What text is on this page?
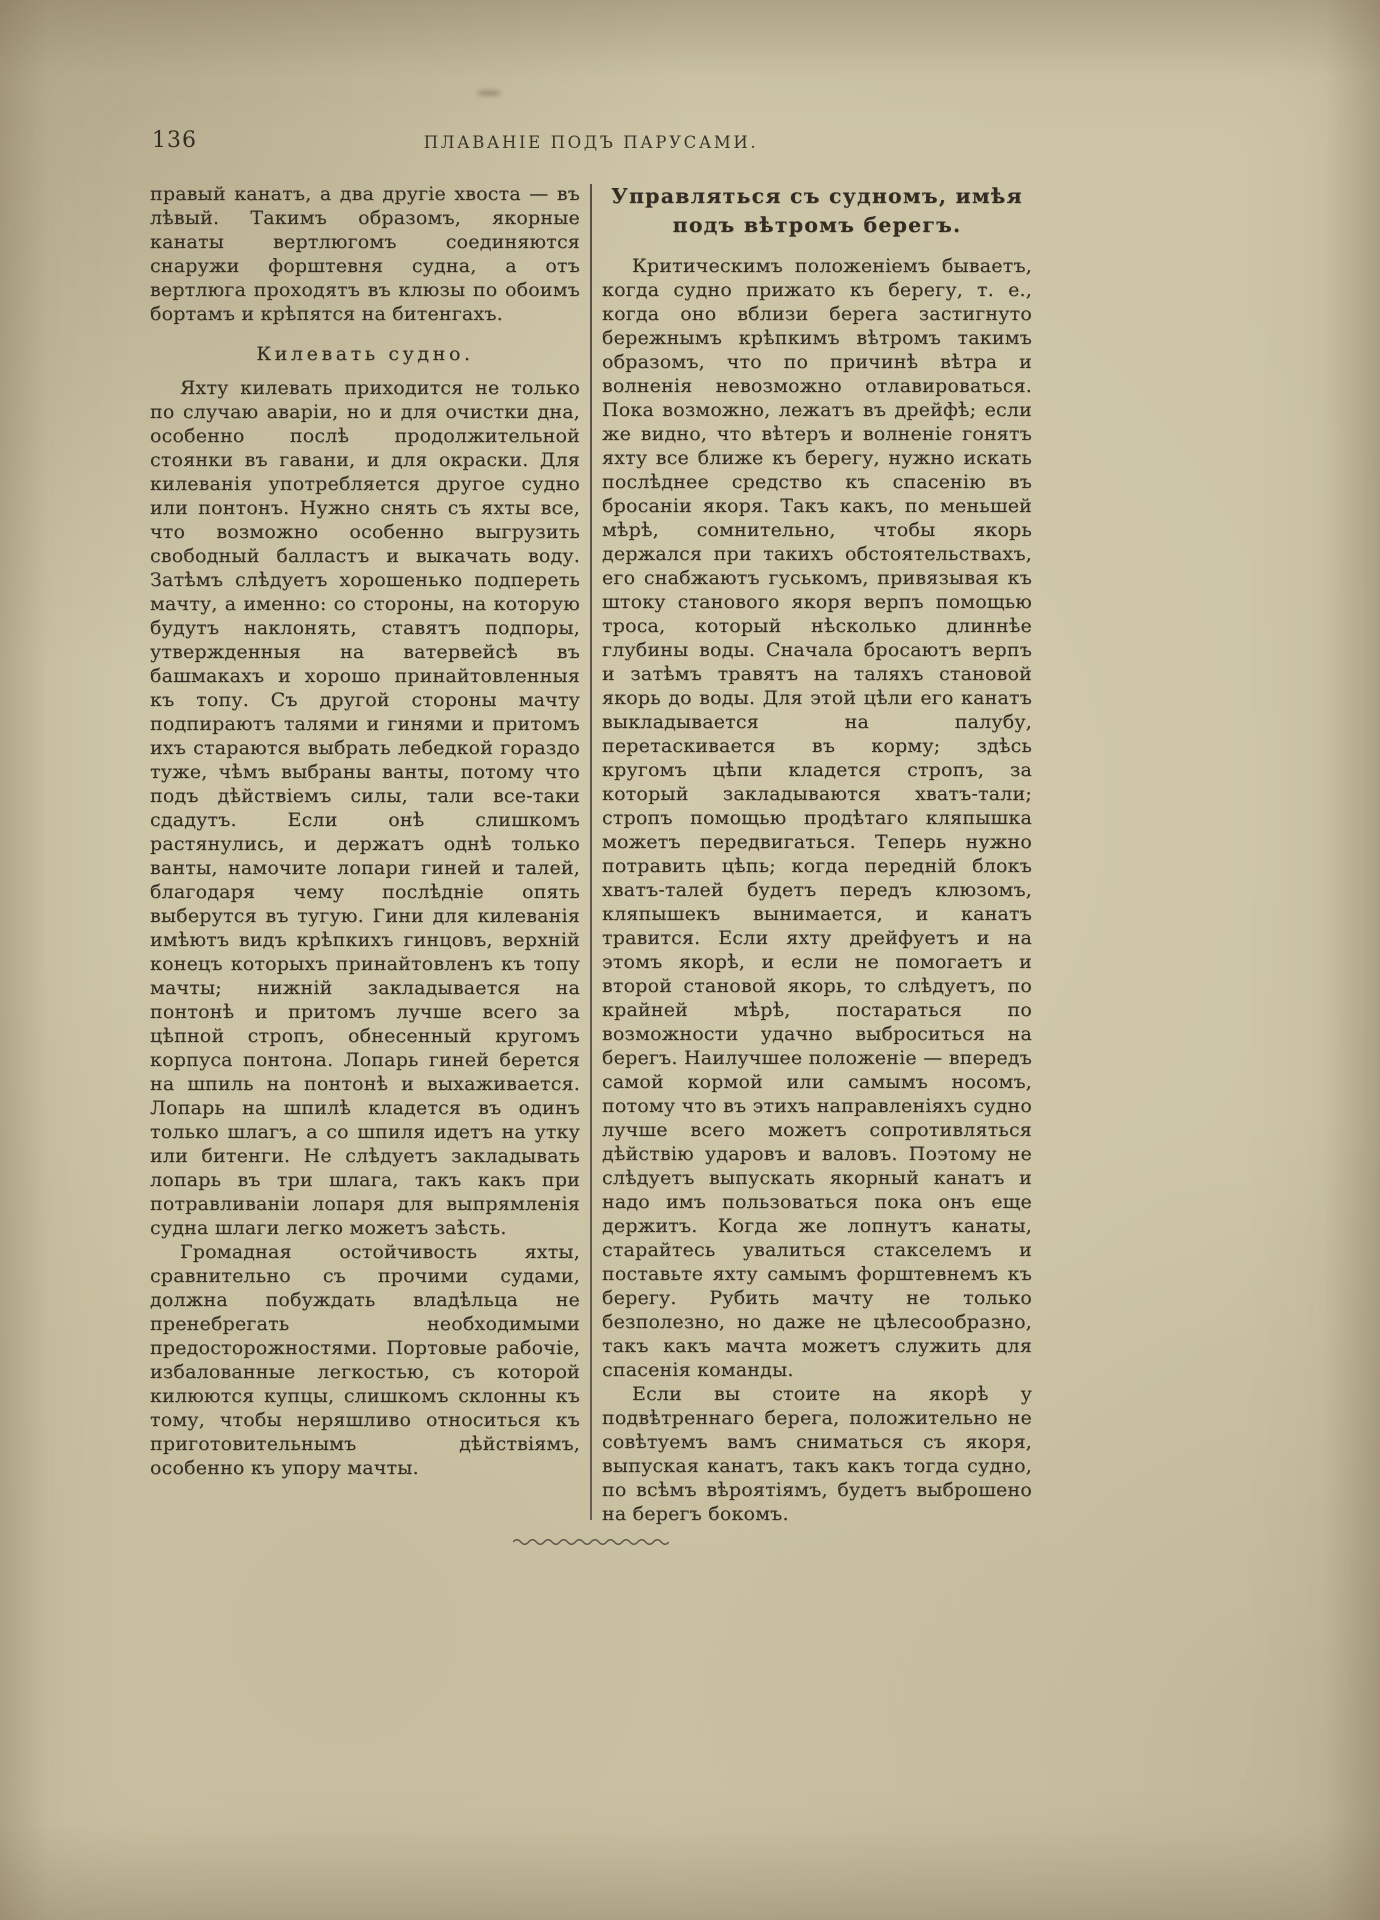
136	ПЛАВАНІЕ ПОДЪ ПАРУСАМИ.

правый канатъ, а два другіе хвоста — въ лѣвый. Такимъ образомъ, якорные канаты вертлюгомъ соединяются снаружи форштевня судна, а отъ вертлюга проходятъ въ клюзы по обоимъ бортамъ и крѣпятся на битенгахъ.

Килевать судно.

Яхту килевать приходится не только по случаю аваріи, но и для очистки дна, особенно послѣ продолжительной стоянки въ гавани, и для окраски. Для килеванія употребляется другое судно или понтонъ. Нужно снять съ яхты все, что возможно особенно выгрузить свободный балластъ и выкачать воду. Затѣмъ слѣдуетъ хорошенько подпереть мачту, а именно: со стороны, на которую будутъ наклонять, ставятъ подпоры, утвержденныя на ватервейсѣ въ башмакахъ и хорошо принайтовленныя къ топу. Съ другой стороны мачту подпираютъ талями и гинями и притомъ ихъ стараются выбрать лебедкой гораздо туже, чѣмъ выбраны ванты, потому что подъ дѣйствіемъ силы, тали все-таки сдадутъ. Если онѣ слишкомъ растянулись, и держатъ однѣ только ванты, намочите лопари гиней и талей, благодаря чему послѣдніе опять выберутся въ тугую. Гини для килеванія имѣютъ видъ крѣпкихъ гинцовъ, верхній конецъ которыхъ принайтовленъ къ топу мачты; нижній закладывается на понтонѣ и притомъ лучше всего за цѣпной стропъ, обнесенный кругомъ корпуса понтона. Лопарь гиней берется на шпиль на понтонѣ и выхаживается. Лопарь на шпилѣ кладется въ одинъ только шлагъ, а со шпиля идетъ на утку или битенги. Не слѣдуетъ закладывать лопарь въ три шлага, такъ какъ при потравливаніи лопаря для выпрямленія судна шлаги легко можетъ заѣсть.

Громадная остойчивость яхты, сравнительно съ прочими судами, должна побуждать владѣльца не пренебрегать необходимыми предосторожностями. Портовые рабочіе, избалованные легкостью, съ которой килюются купцы, слишкомъ склонны къ тому, чтобы неряшливо относиться къ приготовительнымъ дѣйствіямъ, особенно къ упору мачты.

Управляться съ судномъ, имѣя подъ вѣтромъ берегъ.

Критическимъ положеніемъ бываетъ, когда судно прижато къ берегу, т. е., когда оно вблизи берега застигнуто бережнымъ крѣпкимъ вѣтромъ такимъ образомъ, что по причинѣ вѣтра и волненія невозможно отлавироваться. Пока возможно, лежатъ въ дрейфѣ; если же видно, что вѣтеръ и волненіе гонятъ яхту все ближе къ берегу, нужно искать послѣднее средство къ спасенію въ бросаніи якоря. Такъ какъ, по меньшей мѣрѣ, сомнительно, чтобы якорь держался при такихъ обстоятельствахъ, его снабжаютъ гуськомъ, привязывая къ штоку станового якоря верпъ помощью троса, который нѣсколько длиннѣе глубины воды. Сначала бросаютъ верпъ и затѣмъ травятъ на таляхъ становой якорь до воды. Для этой цѣли его канатъ выкладывается на палубу, перетаскивается въ корму; здѣсь кругомъ цѣпи кладется стропъ, за который закладываются хватъ-тали; стропъ помощью продѣтаго кляпышка можетъ передвигаться. Теперь нужно потравить цѣпь; когда передній блокъ хватъ-талей будетъ передъ клюзомъ, кляпышекъ вынимается, и канатъ травится. Если яхту дрейфуетъ и на этомъ якорѣ, и если не помогаетъ и второй становой якорь, то слѣдуетъ, по крайней мѣрѣ, постараться по возможности удачно выброситься на берегъ. Наилучшее положеніе — впередъ самой кормой или самымъ носомъ, потому что въ этихъ направленіяхъ судно лучше всего можетъ сопротивляться дѣйствію ударовъ и валовъ. Поэтому не слѣдуетъ выпускать якорный канатъ и надо имъ пользоваться пока онъ еще держитъ. Когда же лопнутъ канаты, старайтесь увалиться стакселемъ и поставьте яхту самымъ форштевнемъ къ берегу. Рубить мачту не только безполезно, но даже не цѣлесообразно, такъ какъ мачта можетъ служить для спасенія команды.

Если вы стоите на якорѣ у подвѣтреннаго берега, положительно не совѣтуемъ вамъ сниматься съ якоря, выпуская канатъ, такъ какъ тогда судно, по всѣмъ вѣроятіямъ, будетъ выброшено на берегъ бокомъ.
